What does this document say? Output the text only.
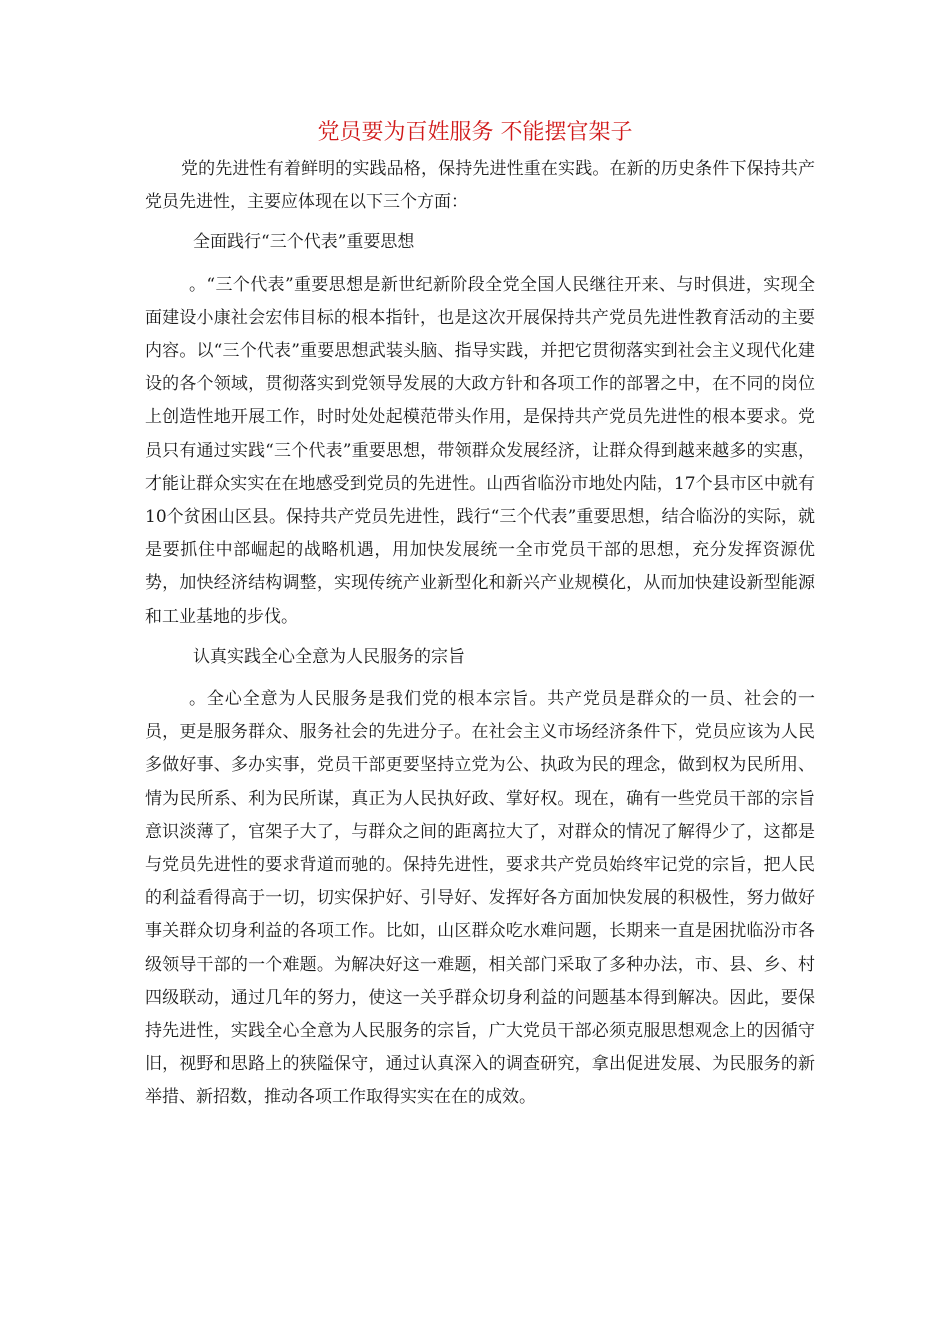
党员要为百姓服务 不能摆官架子

党的先进性有着鲜明的实践品格，保持先进性重在实践。在新的历史条件下保持共产党员先进性，主要应体现在以下三个方面：

全面践行“三个代表”重要思想

。“三个代表”重要思想是新世纪新阶段全党全国人民继往开来、与时俱进，实现全面建设小康社会宏伟目标的根本指针，也是这次开展保持共产党员先进性教育活动的主要内容。以“三个代表”重要思想武装头脑、指导实践，并把它贯彻落实到社会主义现代化建设的各个领域，贯彻落实到党领导发展的大政方针和各项工作的部署之中，在不同的岗位上创造性地开展工作，时时处处起模范带头作用，是保持共产党员先进性的根本要求。党员只有通过实践“三个代表”重要思想，带领群众发展经济，让群众得到越来越多的实惠，才能让群众实实在在地感受到党员的先进性。山西省临汾市地处内陆，17个县市区中就有10个贫困山区县。保持共产党员先进性，践行“三个代表”重要思想，结合临汾的实际，就是要抓住中部崛起的战略机遇，用加快发展统一全市党员干部的思想，充分发挥资源优势，加快经济结构调整，实现传统产业新型化和新兴产业规模化，从而加快建设新型能源和工业基地的步伐。

认真实践全心全意为人民服务的宗旨

。全心全意为人民服务是我们党的根本宗旨。共产党员是群众的一员、社会的一员，更是服务群众、服务社会的先进分子。在社会主义市场经济条件下，党员应该为人民多做好事、多办实事，党员干部更要坚持立党为公、执政为民的理念，做到权为民所用、情为民所系、利为民所谋，真正为人民执好政、掌好权。现在，确有一些党员干部的宗旨意识淡薄了，官架子大了，与群众之间的距离拉大了，对群众的情况了解得少了，这都是与党员先进性的要求背道而驰的。保持先进性，要求共产党员始终牢记党的宗旨，把人民的利益看得高于一切，切实保护好、引导好、发挥好各方面加快发展的积极性，努力做好事关群众切身利益的各项工作。比如，山区群众吃水难问题，长期来一直是困扰临汾市各级领导干部的一个难题。为解决好这一难题，相关部门采取了多种办法，市、县、乡、村四级联动，通过几年的努力，使这一关乎群众切身利益的问题基本得到解决。因此，要保持先进性，实践全心全意为人民服务的宗旨，广大党员干部必须克服思想观念上的因循守旧，视野和思路上的狭隘保守，通过认真深入的调查研究，拿出促进发展、为民服务的新举措、新招数，推动各项工作取得实实在在的成效。
